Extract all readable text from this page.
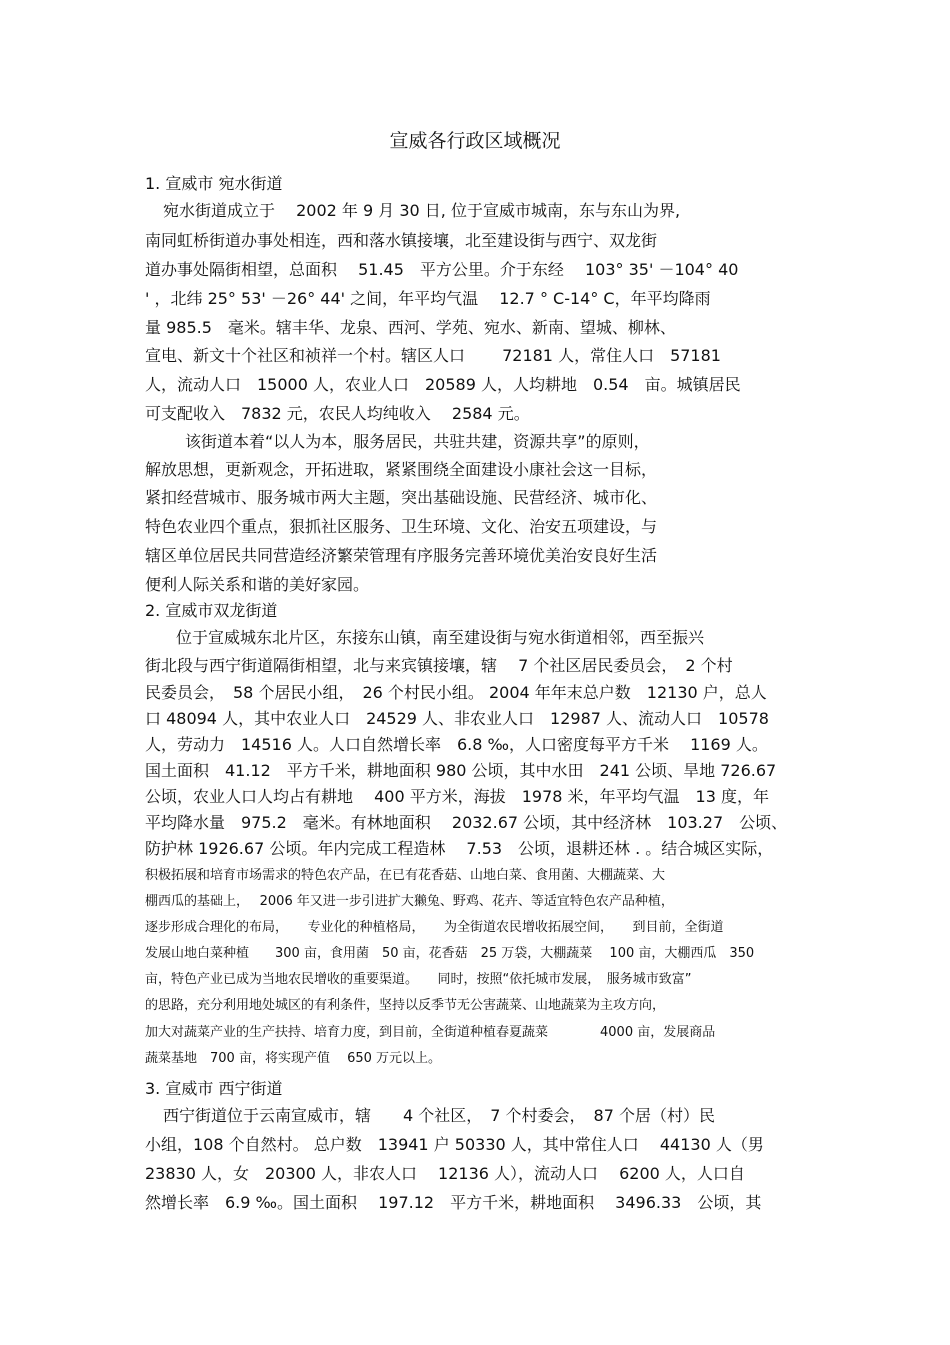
宣威各行政区域概况
1. 宣威市 宛水街道
宛水街道成立于　 2002 年 9 月 30 日, 位于宣威市城南，东与东山为界,
南同虹桥街道办事处相连，西和落水镇接壤，北至建设街与西宁、双龙街
道办事处隔街相望，总面积　 51.45　平方公里。介于东经　 103° 35' －104° 40
' ，北纬 25° 53' －26° 44' 之间，年平均气温　 12.7 ° C-14° C，年平均降雨
量 985.5　毫米。辖丰华、龙泉、西河、学苑、宛水、新南、望城、柳林、
宣电、新文十个社区和祯祥一个村。辖区人口　　 72181 人，常住人口　57181
人，流动人口　15000 人，农业人口　20589 人，人均耕地　0.54　亩。城镇居民
可支配收入　7832 元，农民人均纯收入　 2584 元。
该街道本着“以人为本，服务居民，共驻共建，资源共享”的原则，
解放思想，更新观念，开拓进取，紧紧围绕全面建设小康社会这一目标，
紧扣经营城市、服务城市两大主题，突出基础设施、民营经济、城市化、
特色农业四个重点，狠抓社区服务、卫生环境、文化、治安五项建设，与
辖区单位居民共同营造经济繁荣管理有序服务完善环境优美治安良好生活
便利人际关系和谐的美好家园。
2. 宣威市双龙街道
位于宣威城东北片区，东接东山镇，南至建设街与宛水街道相邻，西至振兴
街北段与西宁街道隔街相望，北与来宾镇接壤，辖　 7 个社区居民委员会，　2 个村
民委员会，　58 个居民小组，　26 个村民小组。 2004 年年末总户数　12130 户，总人
口 48094 人，其中农业人口　24529 人、非农业人口　12987 人、流动人口　10578
人，劳动力　14516 人。人口自然增长率　6.8 ‰，人口密度每平方千米　 1169 人。
国土面积　41.12　平方千米，耕地面积 980 公顷，其中水田　241 公顷、旱地 726.67
公顷，农业人口人均占有耕地　 400 平方米，海拔　1978 米，年平均气温　13 度，年
平均降水量　975.2　毫米。有林地面积　 2032.67 公顷，其中经济林　103.27　公顷、
防护林 1926.67 公顷。年内完成工程造林　 7.53　公顷，退耕还林 . 。结合城区实际，
积极拓展和培育市场需求的特色农产品，在已有花香菇、山地白菜、食用菌、大棚蔬菜、大
棚西瓜的基础上，　 2006 年又进一步引进扩大獭兔、野鸡、花卉、等适宜特色农产品种植，
逐步形成合理化的布局，　　专业化的种植格局，　　为全街道农民增收拓展空间，　　到目前，全街道
发展山地白菜种植　　300 亩，食用菌　50 亩，花香菇　25 万袋，大棚蔬菜　 100 亩，大棚西瓜　350
亩，特色产业已成为当地农民增收的重要渠道。　　同时，按照“依托城市发展，　服务城市致富”
的思路，充分利用地处城区的有利条件，坚持以反季节无公害蔬菜、山地蔬菜为主攻方向，
加大对蔬菜产业的生产扶持、培育力度，到目前，全街道种植春夏蔬菜　　　　4000 亩，发展商品
蔬菜基地　700 亩，将实现产值　 650 万元以上。
3. 宣威市 西宁街道
西宁街道位于云南宣威市，辖　　4 个社区，　7 个村委会，　87 个居（村）民
小组，108 个自然村。 总户数　13941 户 50330 人，其中常住人口　 44130 人（男
23830 人，女　20300 人，非农人口　 12136 人），流动人口　 6200 人，人口自
然增长率　6.9 ‰。国土面积　 197.12　平方千米，耕地面积　 3496.33　公顷，其
